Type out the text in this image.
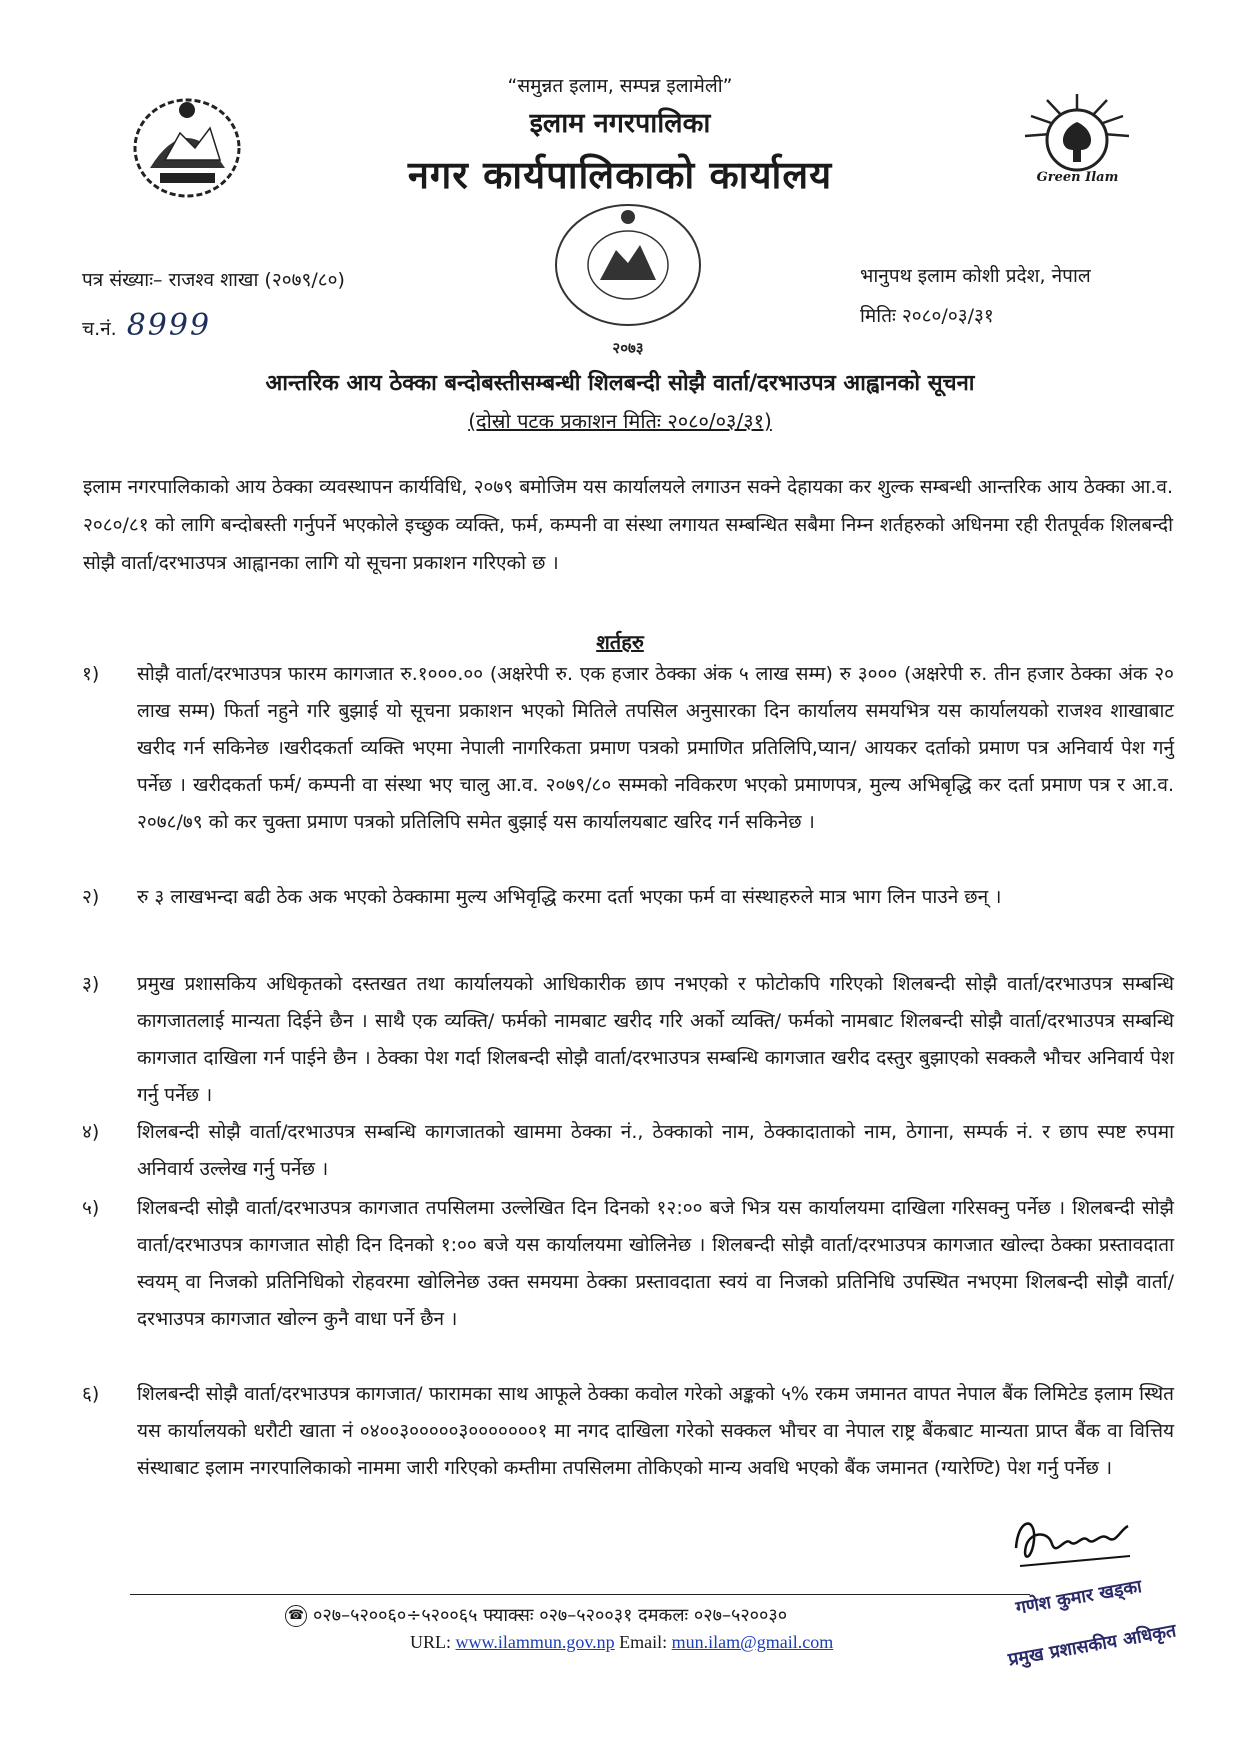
“समुन्नत इलाम, सम्पन्न इलामेली”
इलाम नगरपालिका
नगर कार्यपालिकाको कार्यालय	Green Ilam
२०७३
पत्र संख्याः– राजश्व शाखा (२०७९/८०)
च.नं. 8999
भानुपथ इलाम कोशी प्रदेश, नेपाल
मितिः २०८०/०३/३१
आन्तरिक आय ठेक्का बन्दोबस्तीसम्बन्धी शिलबन्दी सोझै वार्ता/दरभाउपत्र आह्वानको सूचना
(दोस्रो पटक प्रकाशन मितिः २०८०/०३/३१)
इलाम नगरपालिकाको आय ठेक्का व्यवस्थापन कार्यविधि, २०७९ बमोजिम यस कार्यालयले लगाउन सक्ने देहायका कर शुल्क सम्बन्धी आन्तरिक आय ठेक्का आ.व. २०८०/८१ को लागि बन्दोबस्ती गर्नुपर्ने भएकोले इच्छुक व्यक्ति, फर्म, कम्पनी वा संस्था लगायत सम्बन्धित सबैमा निम्न शर्तहरुको अधिनमा रही रीतपूर्वक शिलबन्दी सोझै वार्ता/दरभाउपत्र आह्वानका लागि यो सूचना प्रकाशन गरिएको छ ।
शर्तहरु
१)	सोझै वार्ता/दरभाउपत्र फारम कागजात रु.१०००.०० (अक्षरेपी रु. एक हजार ठेक्का अंक ५ लाख सम्म) रु ३००० (अक्षरेपी रु. तीन हजार ठेक्का अंक २० लाख सम्म) फिर्ता नहुने गरि बुझाई यो सूचना प्रकाशन भएको मितिले तपसिल अनुसारका दिन कार्यालय समयभित्र यस कार्यालयको राजश्व शाखाबाट खरीद गर्न सकिनेछ ।खरीदकर्ता व्यक्ति भएमा नेपाली नागरिकता प्रमाण पत्रको प्रमाणित प्रतिलिपि,प्यान/ आयकर दर्ताको प्रमाण पत्र अनिवार्य पेश गर्नु पर्नेछ । खरीदकर्ता फर्म/ कम्पनी वा संस्था भए चालु आ.व. २०७९/८० सम्मको नविकरण भएको प्रमाणपत्र, मुल्य अभिबृद्धि कर दर्ता प्रमाण पत्र र आ.व. २०७८/७९ को कर चुक्ता प्रमाण पत्रको प्रतिलिपि समेत बुझाई यस कार्यालयबाट खरिद गर्न सकिनेछ ।
२)	रु ३ लाखभन्दा बढी ठेक अक भएको ठेक्कामा मुल्य अभिवृद्धि करमा दर्ता भएका फर्म वा संस्थाहरुले मात्र भाग लिन पाउने छन् ।
३)	प्रमुख प्रशासकिय अधिकृतको दस्तखत तथा कार्यालयको आधिकारीक छाप नभएको र फोटोकपि गरिएको शिलबन्दी सोझै वार्ता/दरभाउपत्र सम्बन्धि कागजातलाई मान्यता दिईने छैन । साथै एक व्यक्ति/ फर्मको नामबाट खरीद गरि अर्को व्यक्ति/ फर्मको नामबाट शिलबन्दी सोझै वार्ता/दरभाउपत्र सम्बन्धि कागजात दाखिला गर्न पाईने छैन । ठेक्का पेश गर्दा शिलबन्दी सोझै वार्ता/दरभाउपत्र सम्बन्धि कागजात खरीद दस्तुर बुझाएको सक्कलै भौचर अनिवार्य पेश गर्नु पर्नेछ ।
४)	शिलबन्दी सोझै वार्ता/दरभाउपत्र सम्बन्धि कागजातको खाममा ठेक्का नं., ठेक्काको नाम, ठेक्कादाताको नाम, ठेगाना, सम्पर्क नं. र छाप स्पष्ट रुपमा अनिवार्य उल्लेख गर्नु पर्नेछ ।
५)	शिलबन्दी सोझै वार्ता/दरभाउपत्र कागजात तपसिलमा उल्लेखित दिन दिनको १२:०० बजे भित्र यस कार्यालयमा दाखिला गरिसक्नु पर्नेछ । शिलबन्दी सोझै वार्ता/दरभाउपत्र कागजात सोही दिन दिनको १:०० बजे यस कार्यालयमा खोलिनेछ । शिलबन्दी सोझै वार्ता/दरभाउपत्र कागजात खोल्दा ठेक्का प्रस्तावदाता स्वयम् वा निजको प्रतिनिधिको रोहवरमा खोलिनेछ उक्त समयमा ठेक्का प्रस्तावदाता स्वयं वा निजको प्रतिनिधि उपस्थित नभएमा शिलबन्दी सोझै वार्ता/दरभाउपत्र कागजात खोल्न कुनै वाधा पर्ने छैन ।
६)	शिलबन्दी सोझै वार्ता/दरभाउपत्र कागजात/ फारामका साथ आफूले ठेक्का कवोल गरेको अङ्कको ५% रकम जमानत वापत नेपाल बैंक लिमिटेड इलाम स्थित यस कार्यालयको धरौटी खाता नं ०४००३०००००३०००००००१ मा नगद दाखिला गरेको सक्कल भौचर वा नेपाल राष्ट्र बैंकबाट मान्यता प्राप्त बैंक वा वित्तिय संस्थाबाट इलाम नगरपालिकाको नाममा जारी गरिएको कम्तीमा तपसिलमा तोकिएको मान्य अवधि भएको बैंक जमानत (ग्यारेण्टि) पेश गर्नु पर्नेछ ।
गणेश कुमार खड्का
प्रमुख प्रशासकीय अधिकृत
☎ ०२७–५२००६०÷५२००६५ फ्याक्सः ०२७–५२००३१ दमकलः ०२७–५२००३०
URL: www.ilammun.gov.np Email: mun.ilam@gmail.com
